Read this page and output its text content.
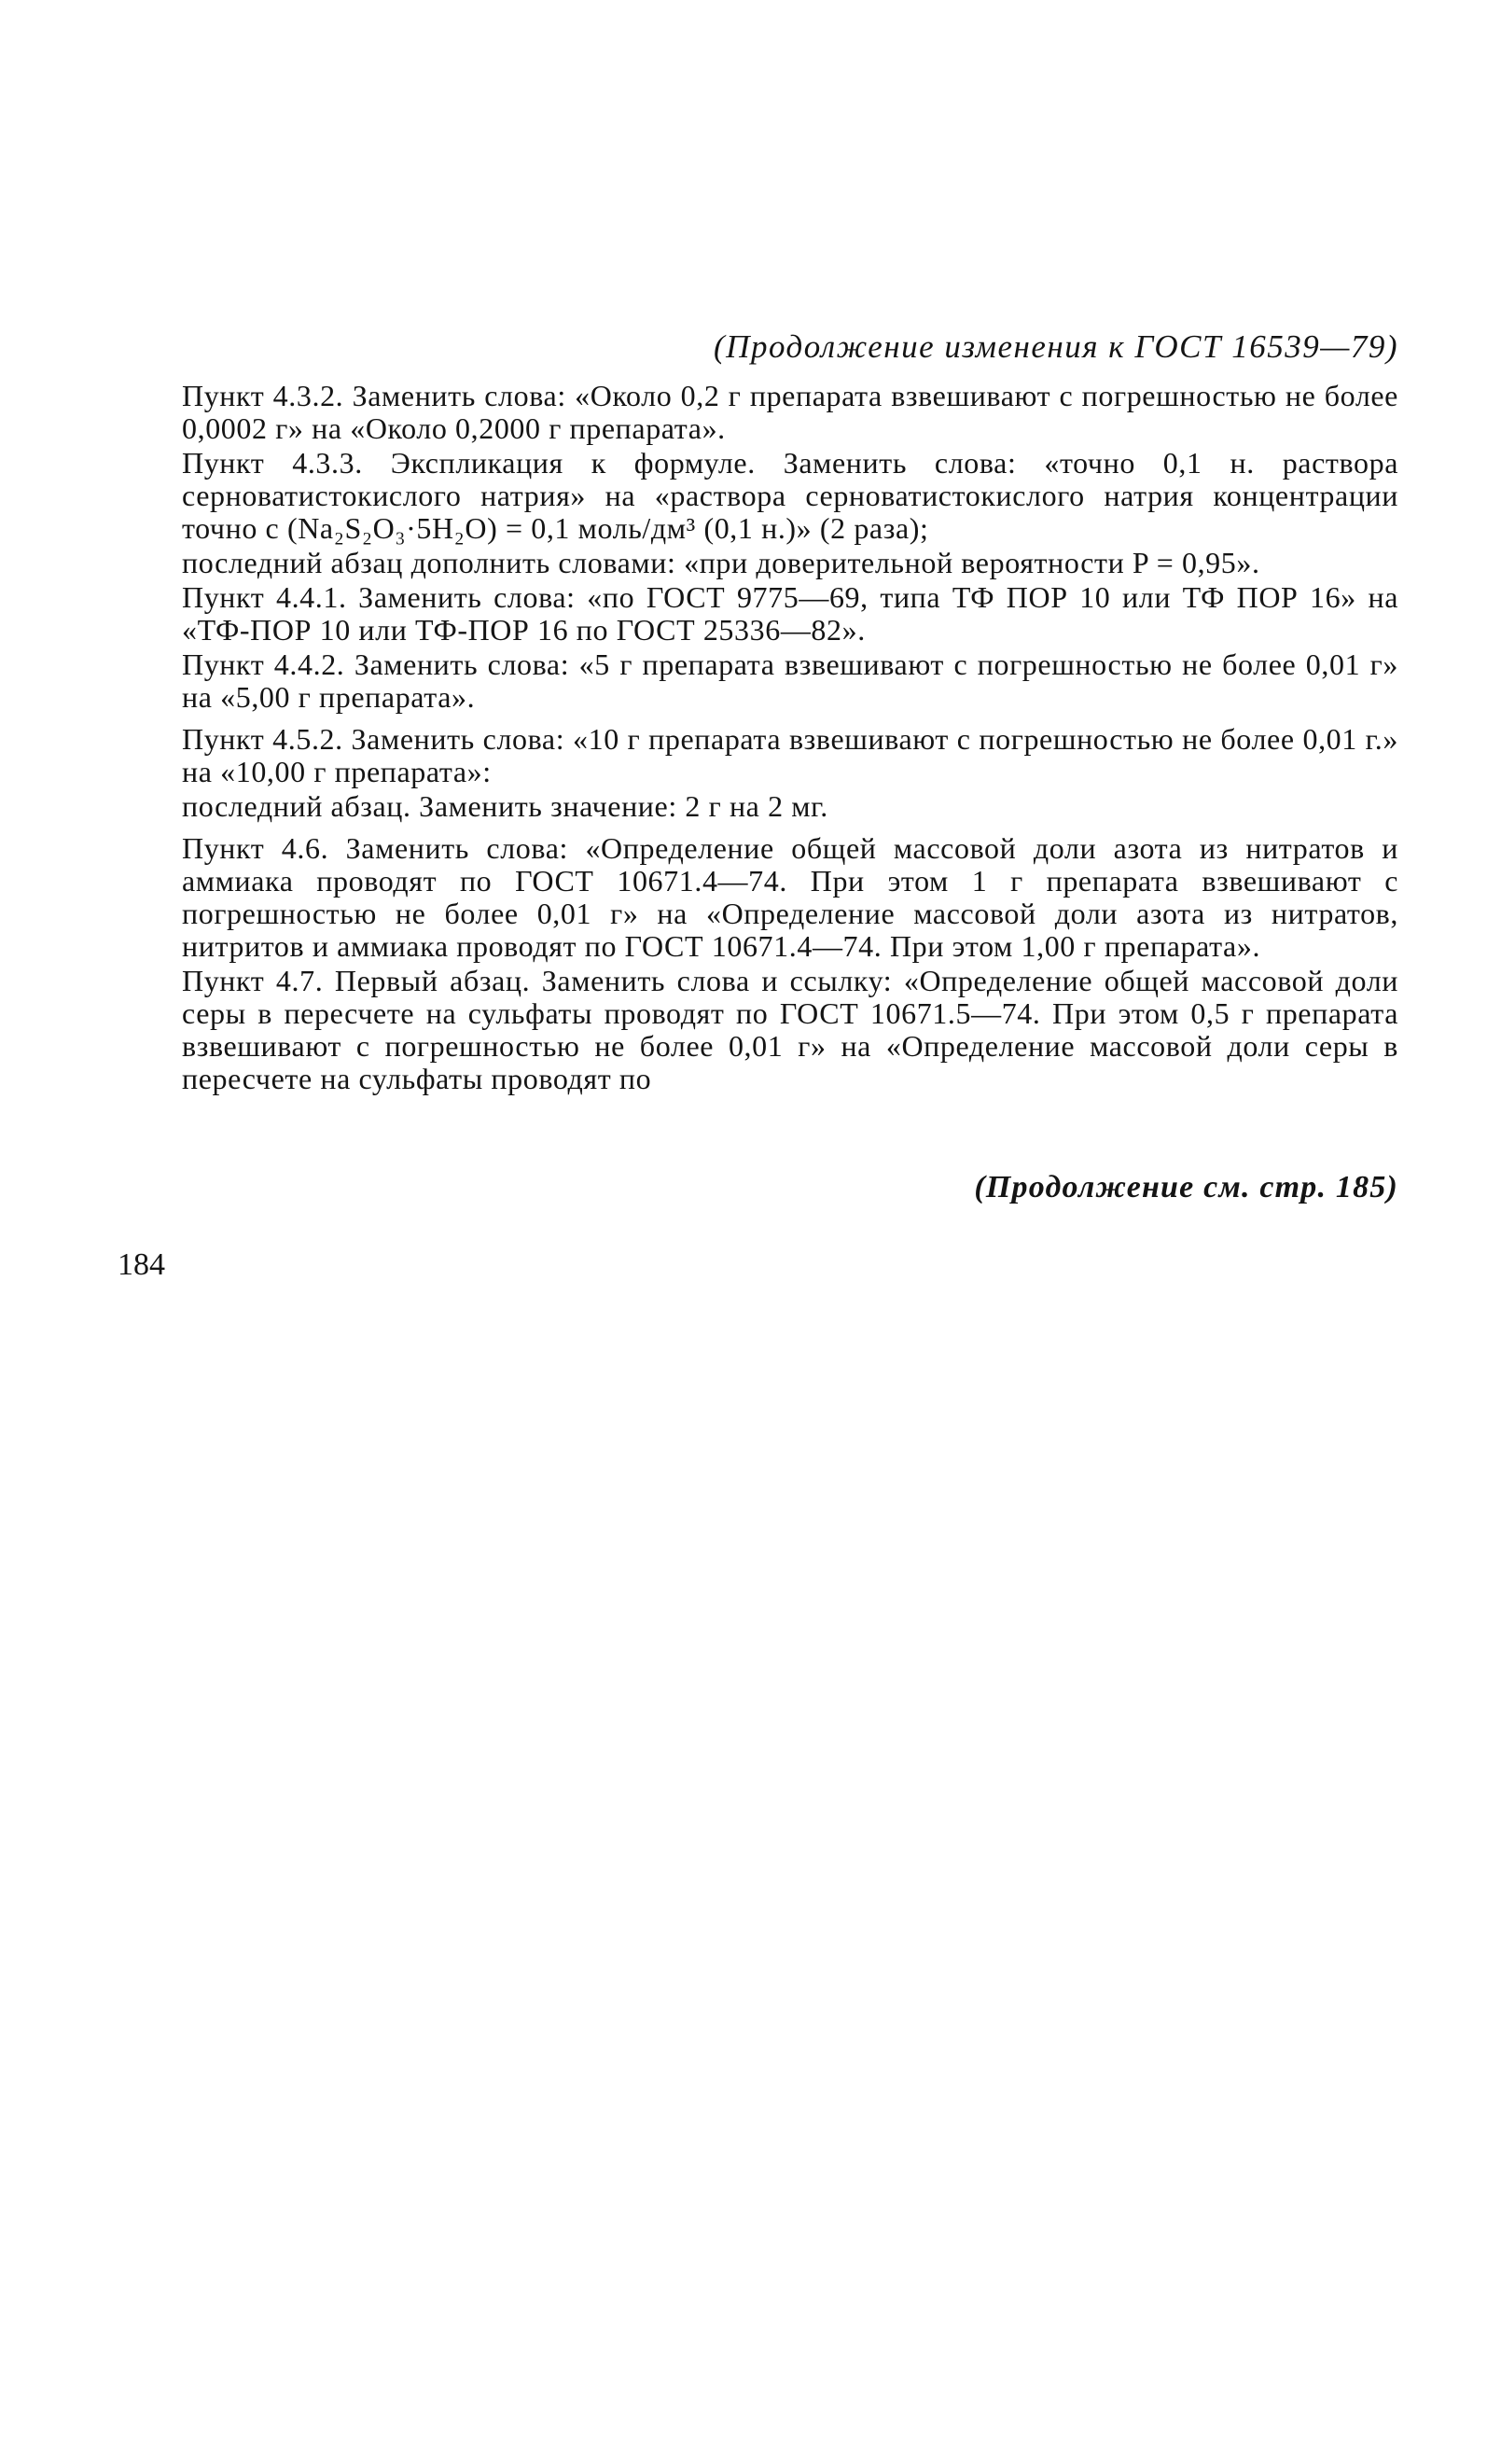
(Продолжение изменения к ГОСТ 16539—79)

Пункт 4.3.2. Заменить слова: «Около 0,2 г препарата взвешивают с погрешностью не более 0,0002 г» на «Около 0,2000 г препарата».

Пункт 4.3.3. Экспликация к формуле. Заменить слова: «точно 0,1 н. раствора серноватистокислого натрия» на «раствора серноватистокислого натрия концентрации точно c (Na₂S₂O₃·5H₂O) = 0,1 моль/дм³ (0,1 н.)» (2 раза);

последний абзац дополнить словами: «при доверительной вероятности P = 0,95».

Пункт 4.4.1. Заменить слова: «по ГОСТ 9775—69, типа ТФ ПОР 10 или ТФ ПОР 16» на «ТФ-ПОР 10 или ТФ-ПОР 16 по ГОСТ 25336—82».

Пункт 4.4.2. Заменить слова: «5 г препарата взвешивают с погрешностью не более 0,01 г» на «5,00 г препарата».

Пункт 4.5.2. Заменить слова: «10 г препарата взвешивают с погрешностью не более 0,01 г.» на «10,00 г препарата»:

последний абзац. Заменить значение: 2 г на 2 мг.

Пункт 4.6. Заменить слова: «Определение общей массовой доли азота из нитратов и аммиака проводят по ГОСТ 10671.4—74. При этом 1 г препарата взвешивают с погрешностью не более 0,01 г» на «Определение массовой доли азота из нитратов, нитритов и аммиака проводят по ГОСТ 10671.4—74. При этом 1,00 г препарата».

Пункт 4.7. Первый абзац. Заменить слова и ссылку: «Определение общей массовой доли серы в пересчете на сульфаты проводят по ГОСТ 10671.5—74. При этом 0,5 г препарата взвешивают с погрешностью не более 0,01 г» на «Определение массовой доли серы в пересчете на сульфаты проводят по

(Продолжение см. стр. 185)
184
